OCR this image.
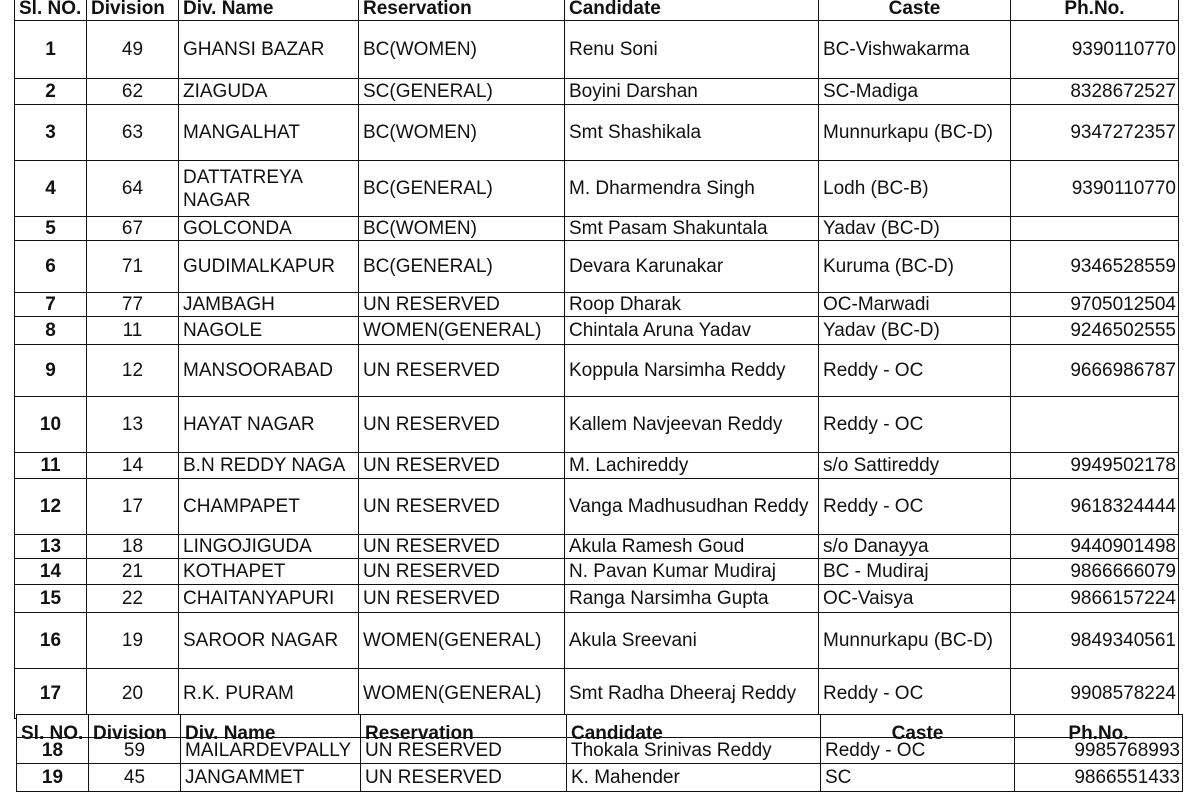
Sl. NO.	Division	Div. Name	Reservation	Candidate	Caste	Ph.No.
1	49	GHANSI BAZAR	BC(WOMEN)	Renu Soni	BC-Vishwakarma	9390110770
2	62	ZIAGUDA	SC(GENERAL)	Boyini Darshan	SC-Madiga	8328672527
3	63	MANGALHAT	BC(WOMEN)	Smt Shashikala	Munnurkapu (BC-D)	9347272357
4	64	DATTATREYA NAGAR	BC(GENERAL)	M. Dharmendra Singh	Lodh (BC-B)	9390110770
5	67	GOLCONDA	BC(WOMEN)	Smt Pasam Shakuntala	Yadav (BC-D)	
6	71	GUDIMALKAPUR	BC(GENERAL)	Devara Karunakar	Kuruma (BC-D)	9346528559
7	77	JAMBAGH	UN RESERVED	Roop Dharak	OC-Marwadi	9705012504
8	11	NAGOLE	WOMEN(GENERAL)	Chintala Aruna Yadav	Yadav (BC-D)	9246502555
9	12	MANSOORABAD	UN RESERVED	Koppula Narsimha Reddy	Reddy - OC	9666986787
10	13	HAYAT NAGAR	UN RESERVED	Kallem Navjeevan Reddy	Reddy - OC	
11	14	B.N REDDY NAGA	UN RESERVED	M. Lachireddy	s/o Sattireddy	9949502178
12	17	CHAMPAPET	UN RESERVED	Vanga Madhusudhan Reddy	Reddy - OC	9618324444
13	18	LINGOJIGUDA	UN RESERVED	Akula Ramesh Goud	s/o Danayya	9440901498
14	21	KOTHAPET	UN RESERVED	N. Pavan Kumar Mudiraj	BC - Mudiraj	9866666079
15	22	CHAITANYAPURI	UN RESERVED	Ranga Narsimha Gupta	OC-Vaisya	9866157224
16	19	SAROOR NAGAR	WOMEN(GENERAL)	Akula Sreevani	Munnurkapu (BC-D)	9849340561
17	20	R.K. PURAM	WOMEN(GENERAL)	Smt Radha Dheeraj Reddy	Reddy - OC	9908578224
Sl. NO.	Division	Div. Name	Reservation	Candidate	Caste	Ph.No.

18	59	MAILARDEVPALLY	UN RESERVED	Thokala Srinivas Reddy	Reddy - OC	9985768993
19	45	JANGAMMET	UN RESERVED	K. Mahender	SC	9866551433
